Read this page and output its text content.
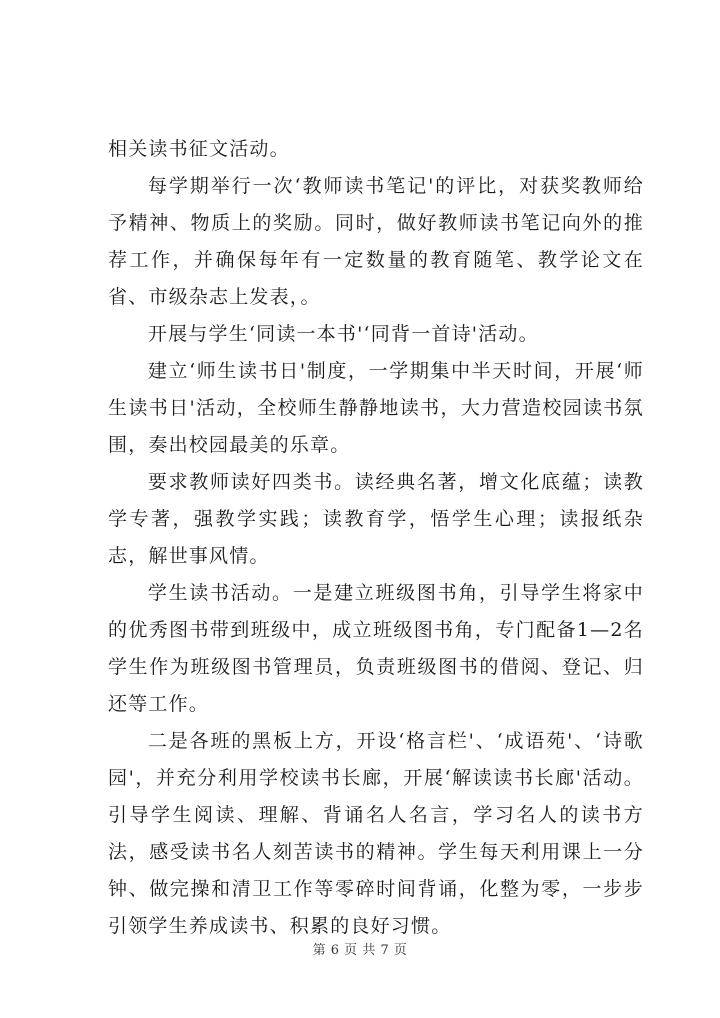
相关读书征文活动。

每学期举行一次‘教师读书笔记'的评比，对获奖教师给予精神、物质上的奖励。同时，做好教师读书笔记向外的推荐工作，并确保每年有一定数量的教育随笔、教学论文在省、市级杂志上发表，。

开展与学生‘同读一本书'‘同背一首诗'活动。

建立‘师生读书日'制度，一学期集中半天时间，开展‘师生读书日'活动，全校师生静静地读书，大力营造校园读书氛围，奏出校园最美的乐章。

要求教师读好四类书。读经典名著，增文化底蕴；读教学专著，强教学实践；读教育学，悟学生心理；读报纸杂志，解世事风情。

学生读书活动。一是建立班级图书角，引导学生将家中的优秀图书带到班级中，成立班级图书角，专门配备1—2名学生作为班级图书管理员，负责班级图书的借阅、登记、归还等工作。

二是各班的黑板上方，开设‘格言栏'、‘成语苑'、‘诗歌园'，并充分利用学校读书长廊，开展‘解读读书长廊'活动。引导学生阅读、理解、背诵名人名言，学习名人的读书方法，感受读书名人刻苦读书的精神。学生每天利用课上一分钟、做完操和清卫工作等零碎时间背诵，化整为零，一步步引领学生养成读书、积累的良好习惯。

第 6 页 共 7 页
